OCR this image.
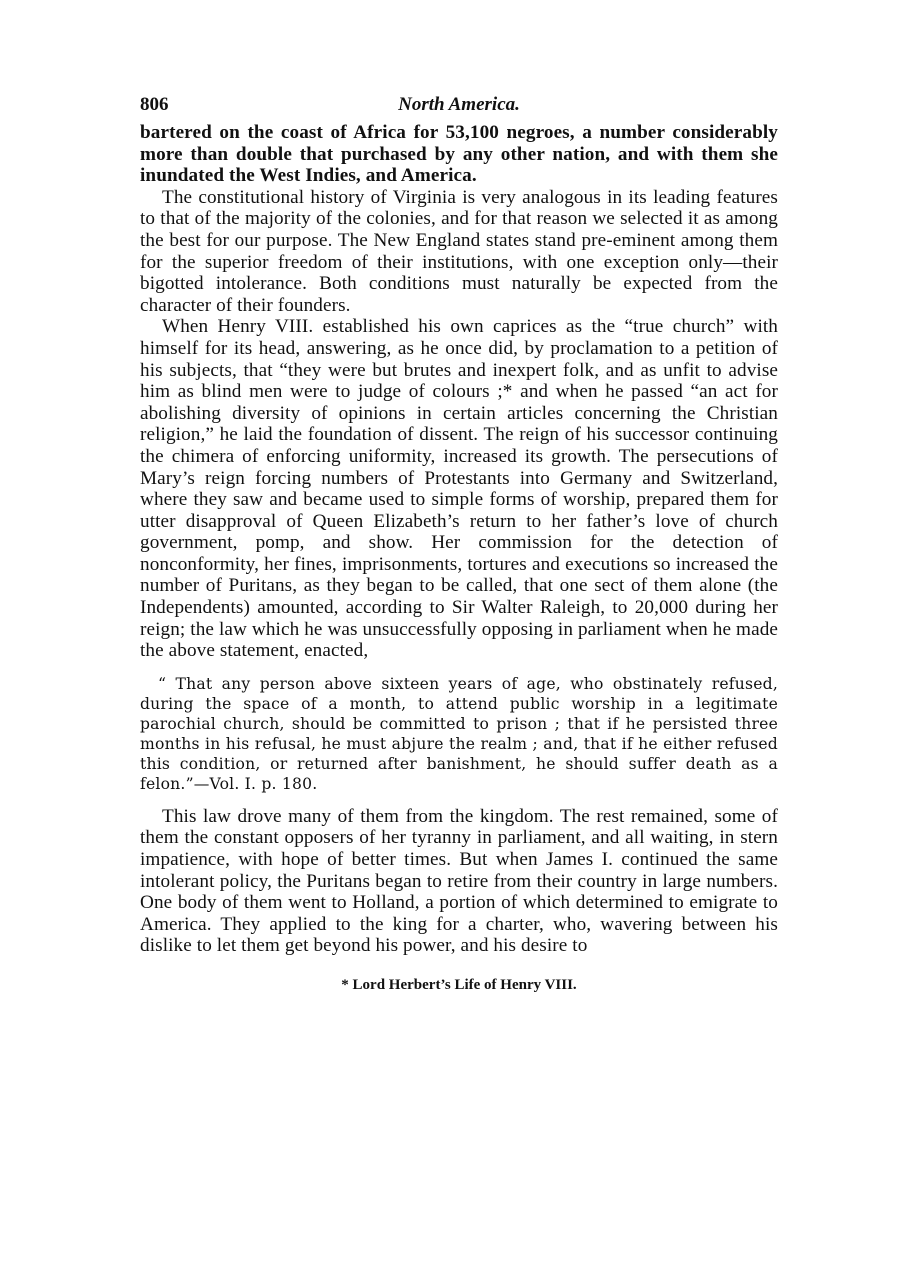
806	North America.

bartered on the coast of Africa for 53,100 negroes, a number considerably more than double that purchased by any other nation, and with them she inundated the West Indies, and America.

The constitutional history of Virginia is very analogous in its leading features to that of the majority of the colonies, and for that reason we selected it as among the best for our purpose. The New England states stand pre-eminent among them for the superior freedom of their institutions, with one exception only—their bigotted intolerance. Both conditions must naturally be expected from the character of their founders.

When Henry VIII. established his own caprices as the “true church” with himself for its head, answering, as he once did, by proclamation to a petition of his subjects, that “they were but brutes and inexpert folk, and as unfit to advise him as blind men were to judge of colours ;* and when he passed “an act for abolishing diversity of opinions in certain articles concerning the Christian religion,” he laid the foundation of dissent. The reign of his successor continuing the chimera of enforcing uniformity, increased its growth. The persecutions of Mary’s reign forcing numbers of Protestants into Germany and Switzerland, where they saw and became used to simple forms of worship, prepared them for utter disapproval of Queen Elizabeth’s return to her father’s love of church government, pomp, and show. Her commission for the detection of nonconformity, her fines, imprisonments, tortures and executions so increased the number of Puritans, as they began to be called, that one sect of them alone (the Independents) amounted, according to Sir Walter Raleigh, to 20,000 during her reign; the law which he was unsuccessfully opposing in parliament when he made the above statement, enacted,

“ That any person above sixteen years of age, who obstinately refused, during the space of a month, to attend public worship in a legitimate parochial church, should be committed to prison ; that if he persisted three months in his refusal, he must abjure the realm ; and, that if he either refused this condition, or returned after banishment, he should suffer death as a felon.”—Vol. I. p. 180.

This law drove many of them from the kingdom. The rest remained, some of them the constant opposers of her tyranny in parliament, and all waiting, in stern impatience, with hope of better times. But when James I. continued the same intolerant policy, the Puritans began to retire from their country in large numbers. One body of them went to Holland, a portion of which determined to emigrate to America. They applied to the king for a charter, who, wavering between his dislike to let them get beyond his power, and his desire to

* Lord Herbert’s Life of Henry VIII.
